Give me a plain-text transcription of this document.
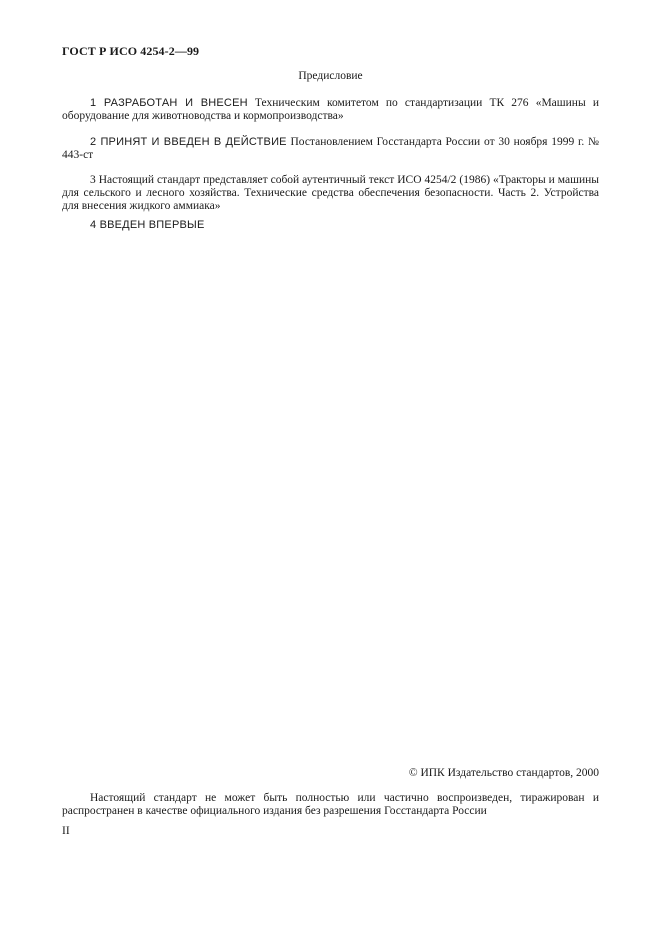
ГОСТ Р ИСО 4254-2—99
Предисловие

1 РАЗРАБОТАН И ВНЕСЕН Техническим комитетом по стандартизации ТК 276 «Машины и оборудование для животноводства и кормопроизводства»

2 ПРИНЯТ И ВВЕДЕН В ДЕЙСТВИЕ Постановлением Госстандарта России от 30 ноября 1999 г. № 443-ст

3 Настоящий стандарт представляет собой аутентичный текст ИСО 4254/2 (1986) «Тракторы и машины для сельского и лесного хозяйства. Технические средства обеспечения безопасности. Часть 2. Устройства для внесения жидкого аммиака»

4 ВВЕДЕН ВПЕРВЫЕ

© ИПК Издательство стандартов, 2000

Настоящий стандарт не может быть полностью или частично воспроизведен, тиражирован и распространен в качестве официального издания без разрешения Госстандарта России

II
